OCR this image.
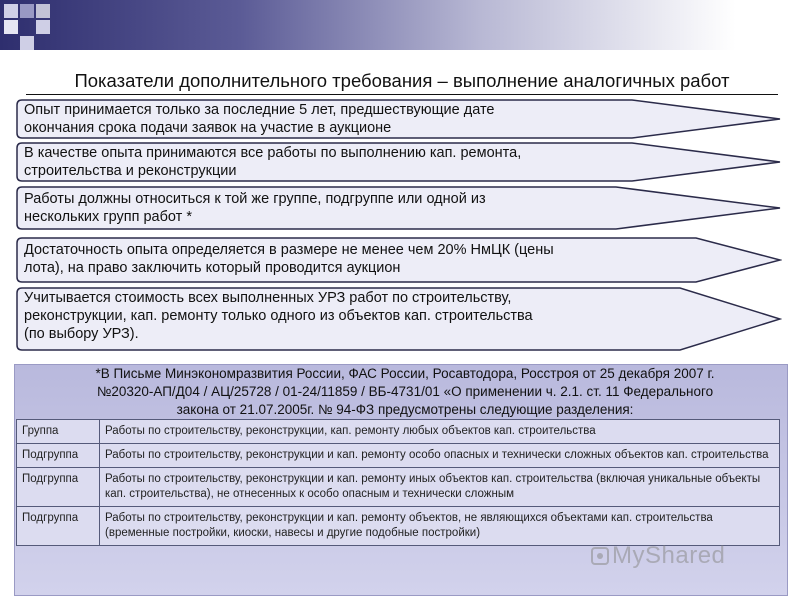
Показатели дополнительного требования – выполнение аналогичных работ
Опыт принимается только за последние 5 лет, предшествующие дате
окончания срока подачи заявок на участие в аукционе
В качестве опыта принимаются все работы по выполнению кап. ремонта,
строительства и реконструкции
Работы должны относиться к той же группе, подгруппе или одной из
нескольких групп работ *
Достаточность опыта определяется в размере не менее чем 20% НмЦК (цены
лота), на право заключить который проводится аукцион
Учитывается стоимость всех выполненных УРЗ работ по строительству,
реконструкции, кап. ремонту только одного из объектов кап. строительства
(по выбору УРЗ).
*В Письме Минэкономразвития России, ФАС России, Росавтодора, Росстроя от 25 декабря 2007 г.
№20320-АП/Д04 / АЦ/25728 / 01-24/11859 / ВБ-4731/01 «О применении ч. 2.1. ст. 11 Федерального
закона от 21.07.2005г. № 94-ФЗ предусмотрены следующие разделения:
Группа	Работы по строительству, реконструкции, кап. ремонту любых объектов кап. строительства
Подгруппа	Работы по строительству, реконструкции и кап. ремонту особо опасных и технически сложных объектов кап. строительства
Подгруппа	Работы по строительству, реконструкции и кап. ремонту иных объектов кап. строительства (включая уникальные объекты кап. строительства), не отнесенных к особо опасным и технически сложным
Подгруппа	Работы по строительству, реконструкции и кап. ремонту объектов, не являющихся объектами кап. строительства (временные постройки, киоски, навесы и другие подобные постройки)
MyShared
